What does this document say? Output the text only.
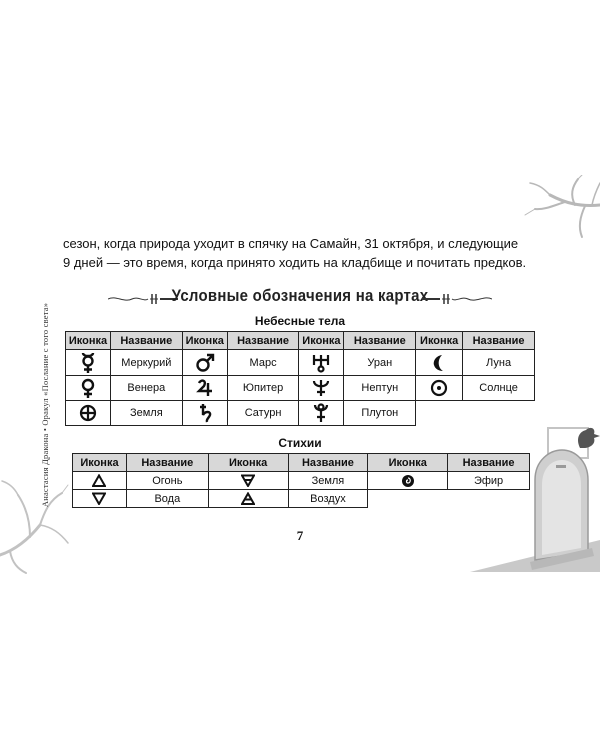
Анастасия Дракона • Оракул «Послание с того света»

сезон, когда природа уходит в спячку на Самайн, 31 октября, и следующие

9 дней — это время, когда принято ходить на кладбище и почитать предков.

Условные обозначения на картах
Небесные тела
Иконка	Название	Иконка	Название	Иконка	Название	Иконка	Название

	Меркурий		Марс		Уран		Луна

	Венера		Юпитер		Нептун		Солнце

	Земля		Сатурн		Плутон		
Стихии
Иконка	Название	Иконка	Название	Иконка	Название

	Огонь		Земля		Эфир

	Вода		Воздух		
7
